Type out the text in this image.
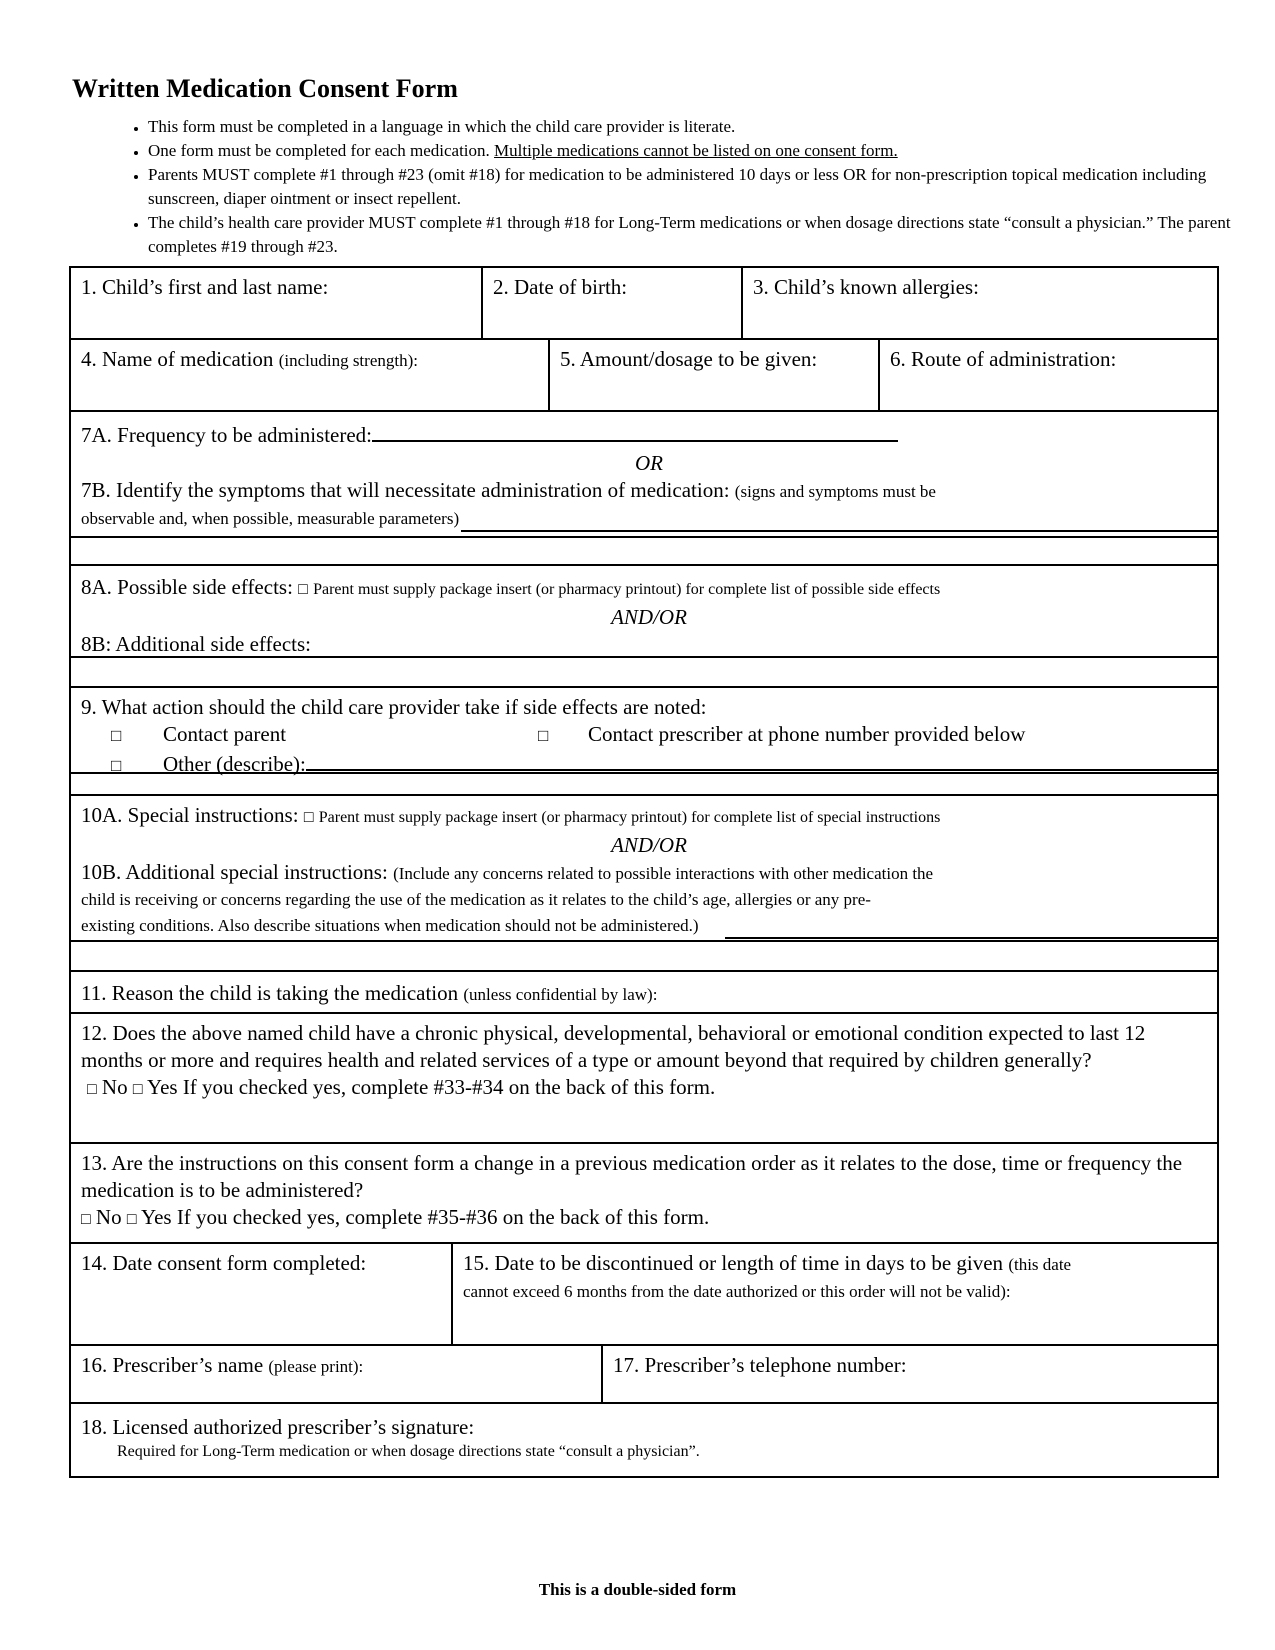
Written Medication Consent Form
• This form must be completed in a language in which the child care provider is literate.
• One form must be completed for each medication. Multiple medications cannot be listed on one consent form.
• Parents MUST complete #1 through #23 (omit #18) for medication to be administered 10 days or less OR for non-prescription topical medication including sunscreen, diaper ointment or insect repellent.
• The child’s health care provider MUST complete #1 through #18 for Long-Term medications or when dosage directions state “consult a physician.” The parent completes #19 through #23.
1. Child’s first and last name:	2. Date of birth:	3. Child’s known allergies:
4. Name of medication (including strength):	5. Amount/dosage to be given:	6. Route of administration:
7A. Frequency to be administered:
OR
7B. Identify the symptoms that will necessitate administration of medication: (signs and symptoms must be
observable and, when possible, measurable parameters)
8A. Possible side effects: □ Parent must supply package insert (or pharmacy printout) for complete list of possible side effects
AND/OR
8B: Additional side effects:
9. What action should the child care provider take if side effects are noted:
□	Contact parent	□	Contact prescriber at phone number provided below
□	Other (describe):
10A. Special instructions: □ Parent must supply package insert (or pharmacy printout) for complete list of special instructions
AND/OR
10B. Additional special instructions: (Include any concerns related to possible interactions with other medication the
child is receiving or concerns regarding the use of the medication as it relates to the child’s age, allergies or any pre-
existing conditions. Also describe situations when medication should not be administered.)
11. Reason the child is taking the medication (unless confidential by law):
12. Does the above named child have a chronic physical, developmental, behavioral or emotional condition expected to last 12 months or more and requires health and related services of a type or amount beyond that required by children generally?
□ No □ Yes If you checked yes, complete #33-#34 on the back of this form.
13. Are the instructions on this consent form a change in a previous medication order as it relates to the dose, time or frequency the medication is to be administered?
□ No □ Yes If you checked yes, complete #35-#36 on the back of this form.
14. Date consent form completed:	15. Date to be discontinued or length of time in days to be given (this date
cannot exceed 6 months from the date authorized or this order will not be valid):
16. Prescriber’s name (please print):	17. Prescriber’s telephone number:
18. Licensed authorized prescriber’s signature:
Required for Long-Term medication or when dosage directions state “consult a physician”.
This is a double-sided form
